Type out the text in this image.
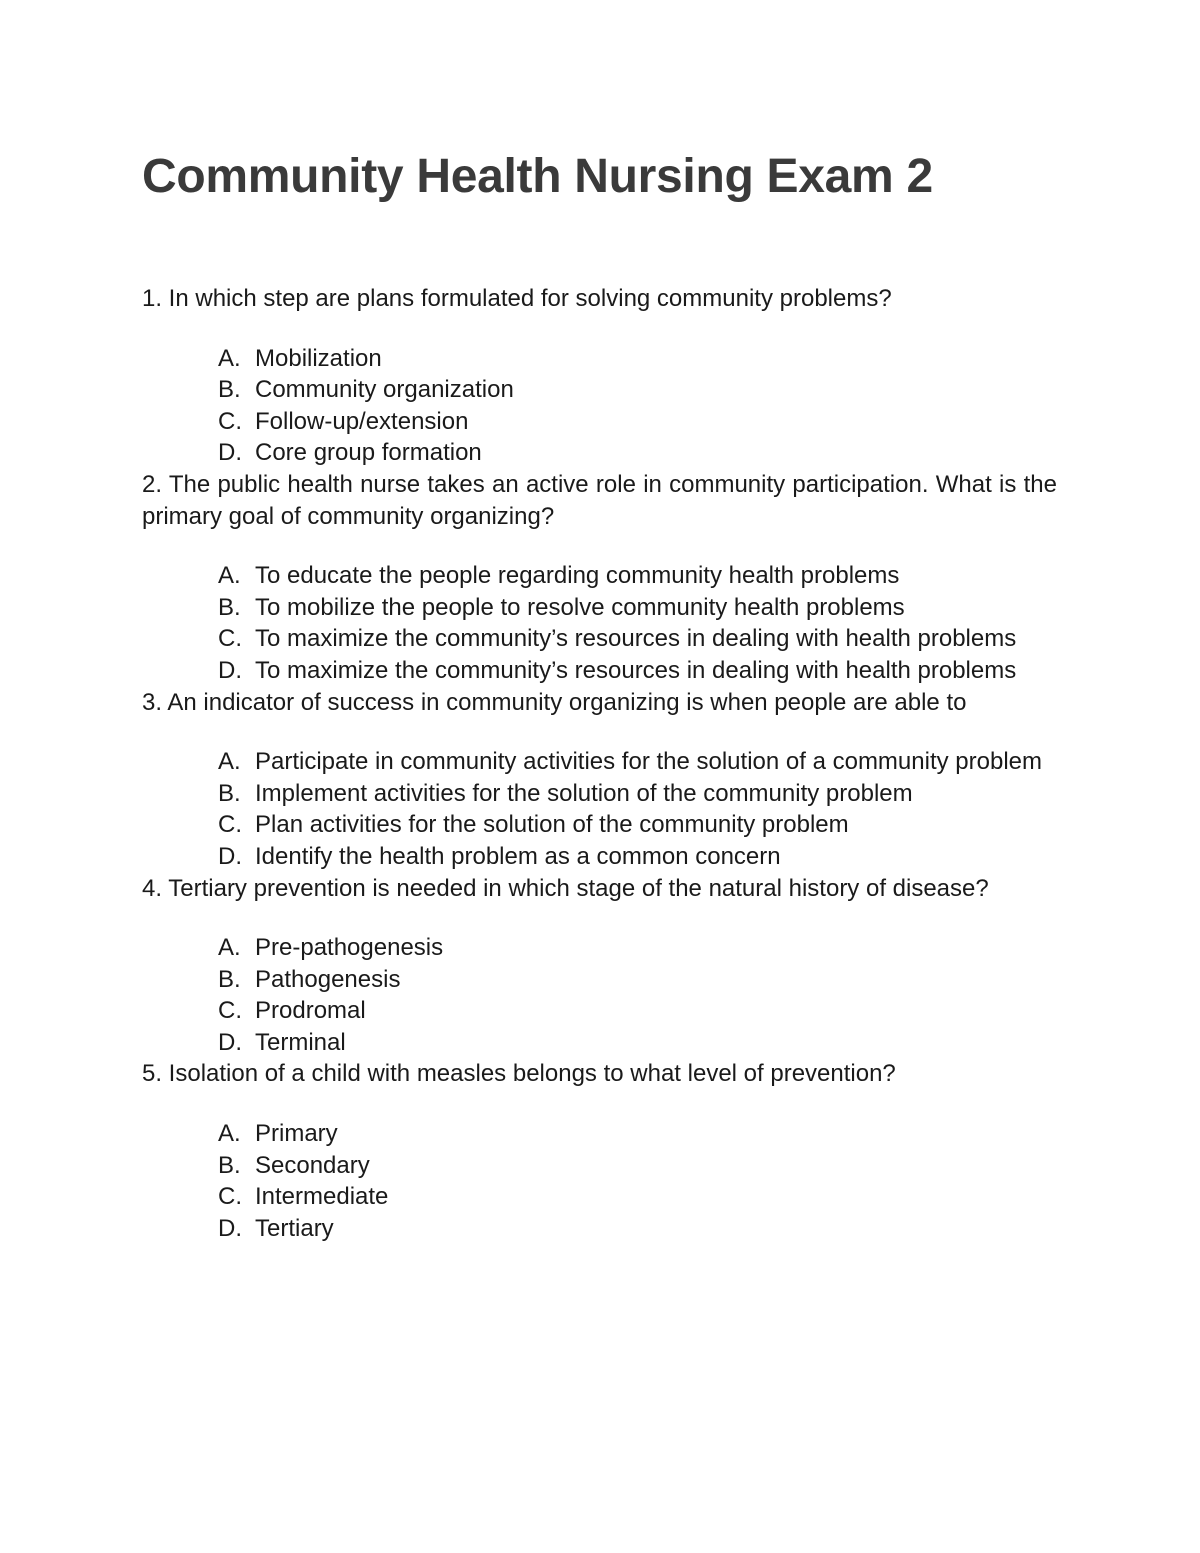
Community Health Nursing Exam 2

1. In which step are plans formulated for solving community problems?

A. Mobilization
B. Community organization
C. Follow-up/extension
D. Core group formation

2. The public health nurse takes an active role in community participation. What is the primary goal of community organizing?

A. To educate the people regarding community health problems
B. To mobilize the people to resolve community health problems
C. To maximize the community’s resources in dealing with health problems
D. To maximize the community’s resources in dealing with health problems

3. An indicator of success in community organizing is when people are able to

A. Participate in community activities for the solution of a community problem
B. Implement activities for the solution of the community problem
C. Plan activities for the solution of the community problem
D. Identify the health problem as a common concern

4. Tertiary prevention is needed in which stage of the natural history of disease?

A. Pre-pathogenesis
B. Pathogenesis
C. Prodromal
D. Terminal

5. Isolation of a child with measles belongs to what level of prevention?

A. Primary
B. Secondary
C. Intermediate
D. Tertiary
